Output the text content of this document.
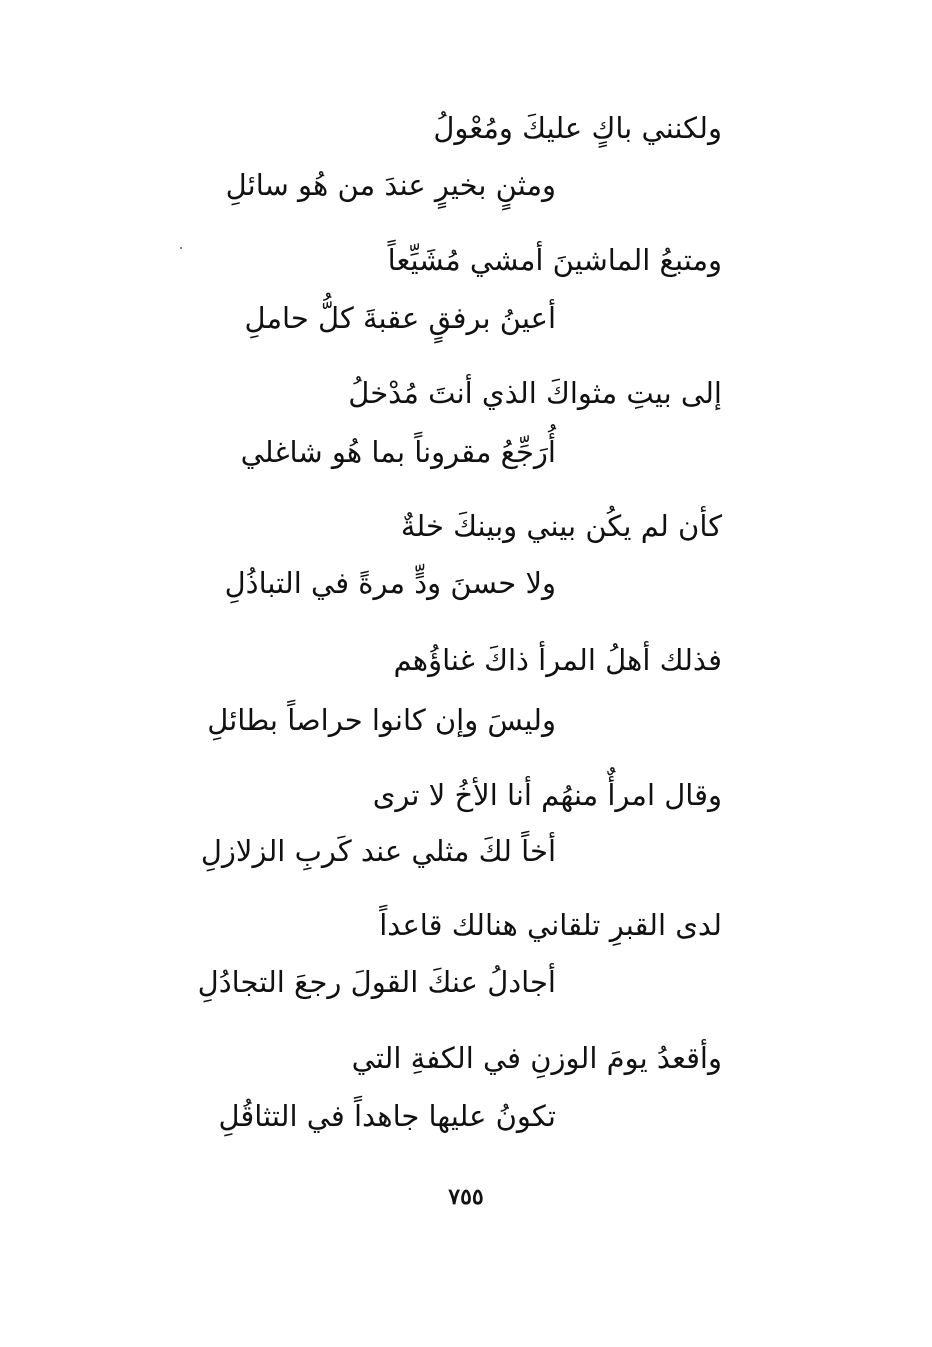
ولكنني باكٍ عليكَ ومُعْولُ
ومثنٍ بخيرٍ عندَ من هُو سائلِ
ومتبعُ الماشينَ أمشي مُشَيِّعاً
أعينُ برفقٍ عقبةَ كلُّ حاملِ
إلى بيتِ مثواكَ الذي أنتَ مُدْخلُ
أُرَجِّعُ مقروناً بما هُو شاغلي
كأن لم يكُن بيني وبينكَ خلةٌ
ولا حسنَ ودٍّ مرةً في التباذُلِ
فذلك أهلُ المرأ ذاكَ غناؤُهم
وليسَ وإن كانوا حراصاً بطائلِ
وقال امرأٌ منهُم أنا الأخُ لا ترى
أخاً لكَ مثلي عند كَربِ الزلازلِ
لدى القبرِ تلقاني هنالك قاعداً
أجادلُ عنكَ القولَ رجعَ التجادُلِ
وأقعدُ يومَ الوزنِ في الكفةِ التي
تكونُ عليها جاهداً في التثاقُلِ
٧٥٥
